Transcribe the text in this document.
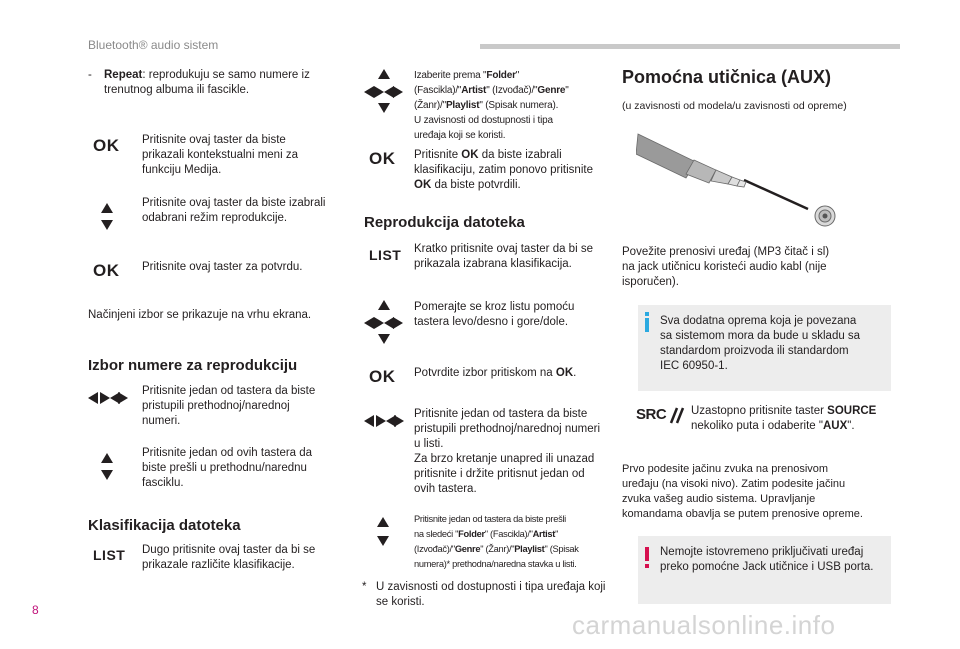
Bluetooth® audio sistem
- Repeat: reprodukuju se samo numere iz
trenutnog albuma ili fascikle.
OK Pritisnite ovaj taster da biste
prikazali kontekstualni meni za
funkciju Medija.
Pritisnite ovaj taster da biste izabrali
odabrani režim reprodukcije.
OK Pritisnite ovaj taster za potvrdu.
Načinjeni izbor se prikazuje na vrhu ekrana.
Izbor numere za reprodukciju
Pritisnite jedan od tastera da biste
pristupili prethodnoj/narednoj
numeri.
Pritisnite jedan od ovih tastera da
biste prešli u prethodnu/narednu
fasciklu.
Klasifikacija datoteka
LIST Dugo pritisnite ovaj taster da bi se
prikazale različite klasifikacije.
Izaberite prema "Folder"
(Fascikla)/"Artist" (Izvođač)/"Genre"
(Žanr)/"Playlist" (Spisak numera).
U zavisnosti od dostupnosti i tipa
uređaja koji se koristi.
OK Pritisnite OK da biste izabrali
klasifikaciju, zatim ponovo pritisnite
OK da biste potvrdili.
Reprodukcija datoteka
LIST Kratko pritisnite ovaj taster da bi se
prikazala izabrana klasifikacija.
Pomerajte se kroz listu pomoću
tastera levo/desno i gore/dole.
OK Potvrdite izbor pritiskom na OK.
Pritisnite jedan od tastera da biste
pristupili prethodnoj/narednoj numeri
u listi.
Za brzo kretanje unapred ili unazad
pritisnite i držite pritisnut jedan od
ovih tastera.
Pritisnite jedan od tastera da biste prešli
na sledeći "Folder" (Fascikla)/"Artist"
(Izvođač)/"Genre" (Žanr)/"Playlist" (Spisak
numera)* prethodna/naredna stavka u listi.
* U zavisnosti od dostupnosti i tipa uređaja koji
se koristi.
Pomoćna utičnica (AUX)
(u zavisnosti od modela/u zavisnosti od opreme)
Povežite prenosivi uređaj (MP3 čitač i sl)
na jack utičnicu koristeći audio kabl (nije
isporučen).
Sva dodatna oprema koja je povezana
sa sistemom mora da bude u skladu sa
standardom proizvoda ili standardom
IEC 60950-1.
SRC Uzastopno pritisnite taster SOURCE
nekoliko puta i odaberite "AUX".
Prvo podesite jačinu zvuka na prenosivom
uređaju (na visoki nivo). Zatim podesite jačinu
zvuka vašeg audio sistema. Upravljanje
komandama obavlja se putem prenosive opreme.
Nemojte istovremeno priključivati uređaj
preko pomoćne Jack utičnice i USB porta.
8	carmanualsonline.info
